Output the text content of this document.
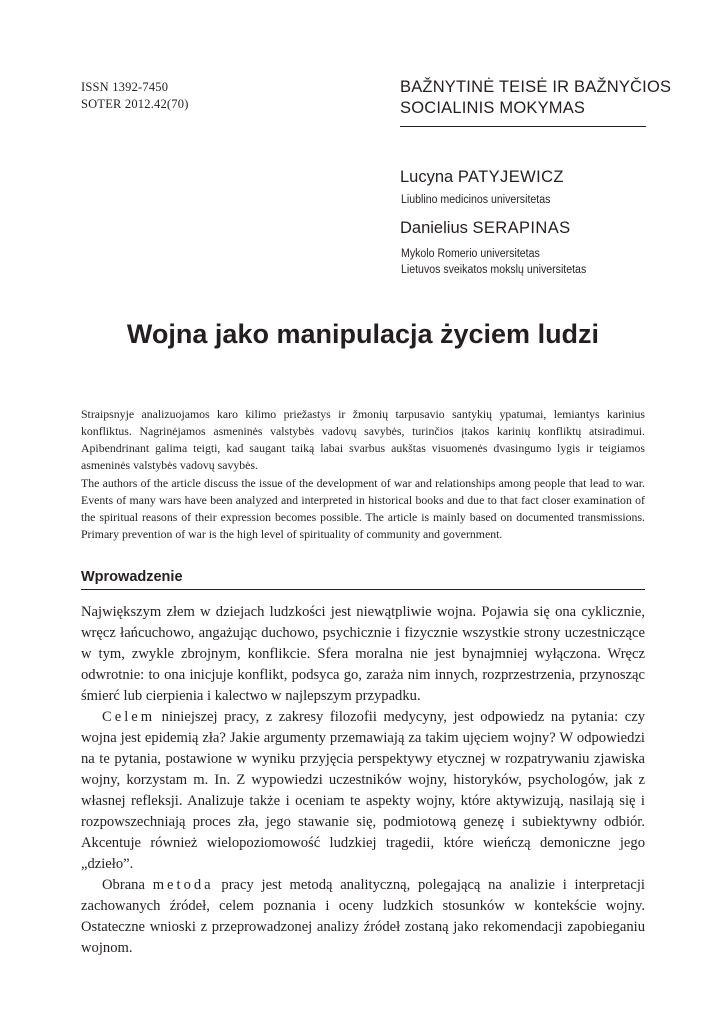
ISSN 1392-7450
SOTER 2012.42(70)
BAŽNYTINĖ TEISĖ IR BAŽNYČIOS
SOCIALINIS MOKYMAS
Lucyna PATYJEWICZ
Liublino medicinos universitetas
Danielius SERAPINAS
Mykolo Romerio universitetas
Lietuvos sveikatos mokslų universitetas
Wojna jako manipulacja życiem ludzi

Straipsnyje analizuojamos karo kilimo priežastys ir žmonių tarpusavio santykių ypatumai, lemiantys karinius konfliktus. Nagrinėjamos asmeninės valstybės vadovų savybės, turinčios įtakos karinių konfliktų atsiradimui. Apibendrinant galima teigti, kad saugant taiką labai svarbus aukštas visuomenės dvasingumo lygis ir teigiamos asmeninės valstybės vadovų savybės.

The authors of the article discuss the issue of the development of war and relationships among people that lead to war. Events of many wars have been analyzed and interpreted in historical books and due to that fact closer examination of the spiritual reasons of their expression becomes possible. The article is mainly based on documented transmissions. Primary prevention of war is the high level of spirituality of community and government.

Wprowadzenie

Największym złem w dziejach ludzkości jest niewątpliwie wojna. Pojawia się ona cyklicznie, wręcz łańcuchowo, angażując duchowo, psychicznie i fizycznie wszystkie strony uczestniczące w tym, zwykle zbrojnym, konflikcie. Sfera moralna nie jest bynajmniej wyłączona. Wręcz odwrotnie: to ona inicjuje konflikt, podsyca go, zaraża nim innych, rozprzestrzenia, przynosząc śmierć lub cierpienia i kalectwo w najlepszym przypadku.

Celem niniejszej pracy, z zakresy filozofii medycyny, jest odpowiedz na pytania: czy wojna jest epidemią zła? Jakie argumenty przemawiają za takim ujęciem wojny? W odpowiedzi na te pytania, postawione w wyniku przyjęcia perspektywy etycznej w rozpatrywaniu zjawiska wojny, korzystam m. In. Z wypowiedzi uczestników wojny, historyków, psychologów, jak z własnej refleksji. Analizuje także i oceniam te aspekty wojny, które aktywizują, nasilają się i rozpowszechniają proces zła, jego stawanie się, podmiotową genezę i subiektywny odbiór. Akcentuje również wielopoziomowość ludzkiej tragedii, które wieńczą demoniczne jego „dzieło”.

Obrana metoda pracy jest metodą analityczną, polegającą na analizie i interpretacji zachowanych źródeł, celem poznania i oceny ludzkich stosunków w kontekście wojny. Ostateczne wnioski z przeprowadzonej analizy źródeł zostaną jako rekomendacji zapobieganiu wojnom.
